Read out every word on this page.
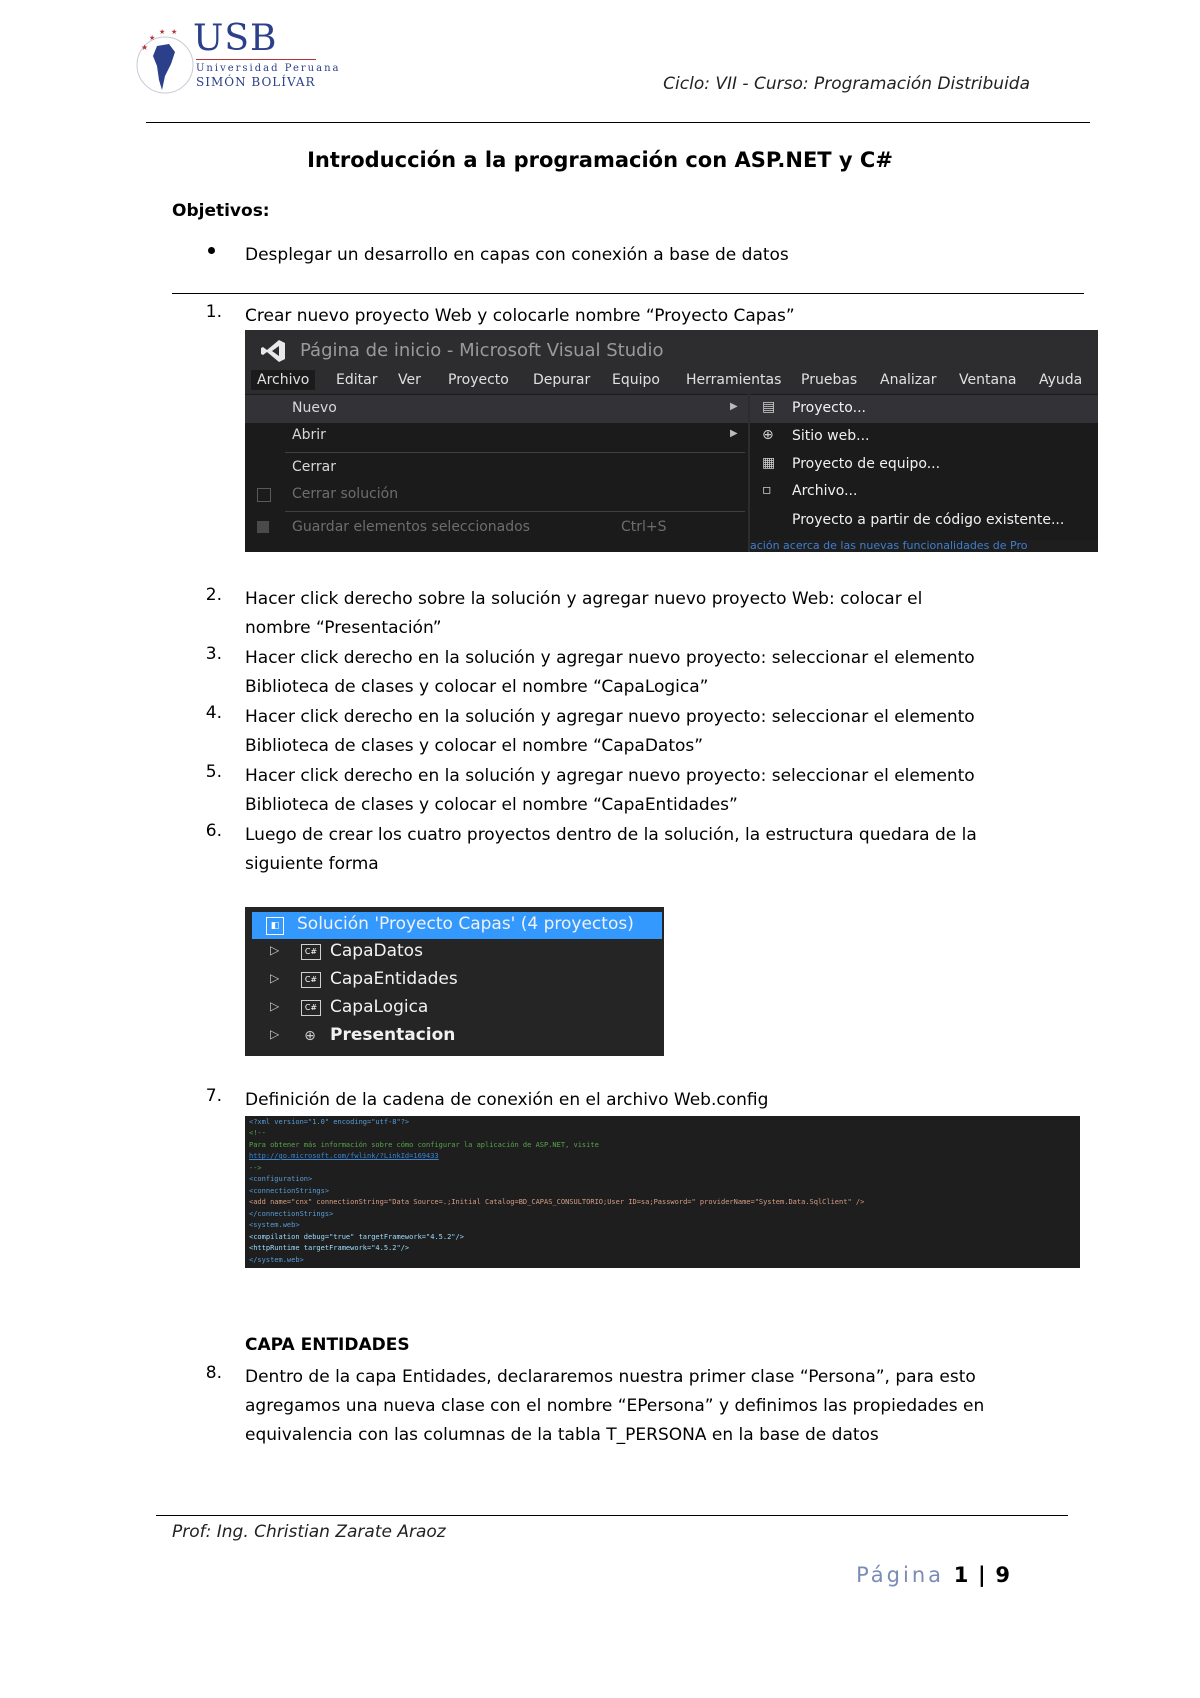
★
★
★ ★ USB
Universidad Peruana
SIMÓN BOLÍVAR	Ciclo: VII - Curso: Programación Distribuida
Introducción a la programación con ASP.NET y C#
Objetivos:
Desplegar un desarrollo en capas con conexión a base de datos
1. Crear nuevo proyecto Web y colocarle nombre “Proyecto Capas”
Página de inicio - Microsoft Visual Studio
Archivo	Editar Ver Proyecto Depurar Equipo Herramientas Pruebas Analizar Ventana Ayuda
Nuevo	▶
Abrir	▶
Cerrar
Cerrar solución
Guardar elementos seleccionados	Ctrl+S
▤ Proyecto...
⊕ Sitio web...
▦ Proyecto de equipo...
▫ Archivo...
Proyecto a partir de código existente...
ación acerca de las nuevas funcionalidades de Pro
2. Hacer click derecho sobre la solución y agregar nuevo proyecto Web: colocar el
nombre “Presentación”
3. Hacer click derecho en la solución y agregar nuevo proyecto: seleccionar el elemento
Biblioteca de clases y colocar el nombre “CapaLogica”
4. Hacer click derecho en la solución y agregar nuevo proyecto: seleccionar el elemento
Biblioteca de clases y colocar el nombre “CapaDatos”
5. Hacer click derecho en la solución y agregar nuevo proyecto: seleccionar el elemento
Biblioteca de clases y colocar el nombre “CapaEntidades”
6. Luego de crear los cuatro proyectos dentro de la solución, la estructura quedara de la
siguiente forma
◧ Solución 'Proyecto Capas' (4 proyectos)
▷	C# CapaDatos
▷	C# CapaEntidades
▷	C# CapaLogica
▷ ⊕ Presentacion
7. Definición de la cadena de conexión en el archivo Web.config
<?xml version="1.0" encoding="utf-8"?>
<!--
Para obtener más información sobre cómo configurar la aplicación de ASP.NET, visite
http://go.microsoft.com/fwlink/?LinkId=169433
-->
<configuration>
<connectionStrings>
<add name="cnx" connectionString="Data Source=.;Initial Catalog=BD_CAPAS_CONSULTORIO;User ID=sa;Password=" providerName="System.Data.SqlClient" />
</connectionStrings>
<system.web>
<compilation debug="true" targetFramework="4.5.2"/>
<httpRuntime targetFramework="4.5.2"/>
</system.web>
CAPA ENTIDADES
8. Dentro de la capa Entidades, declararemos nuestra primer clase “Persona”, para esto
agregamos una nueva clase con el nombre “EPersona” y definimos las propiedades en
equivalencia con las columnas de la tabla T_PERSONA en la base de datos
Prof: Ing. Christian Zarate Araoz
Página 1 | 9
